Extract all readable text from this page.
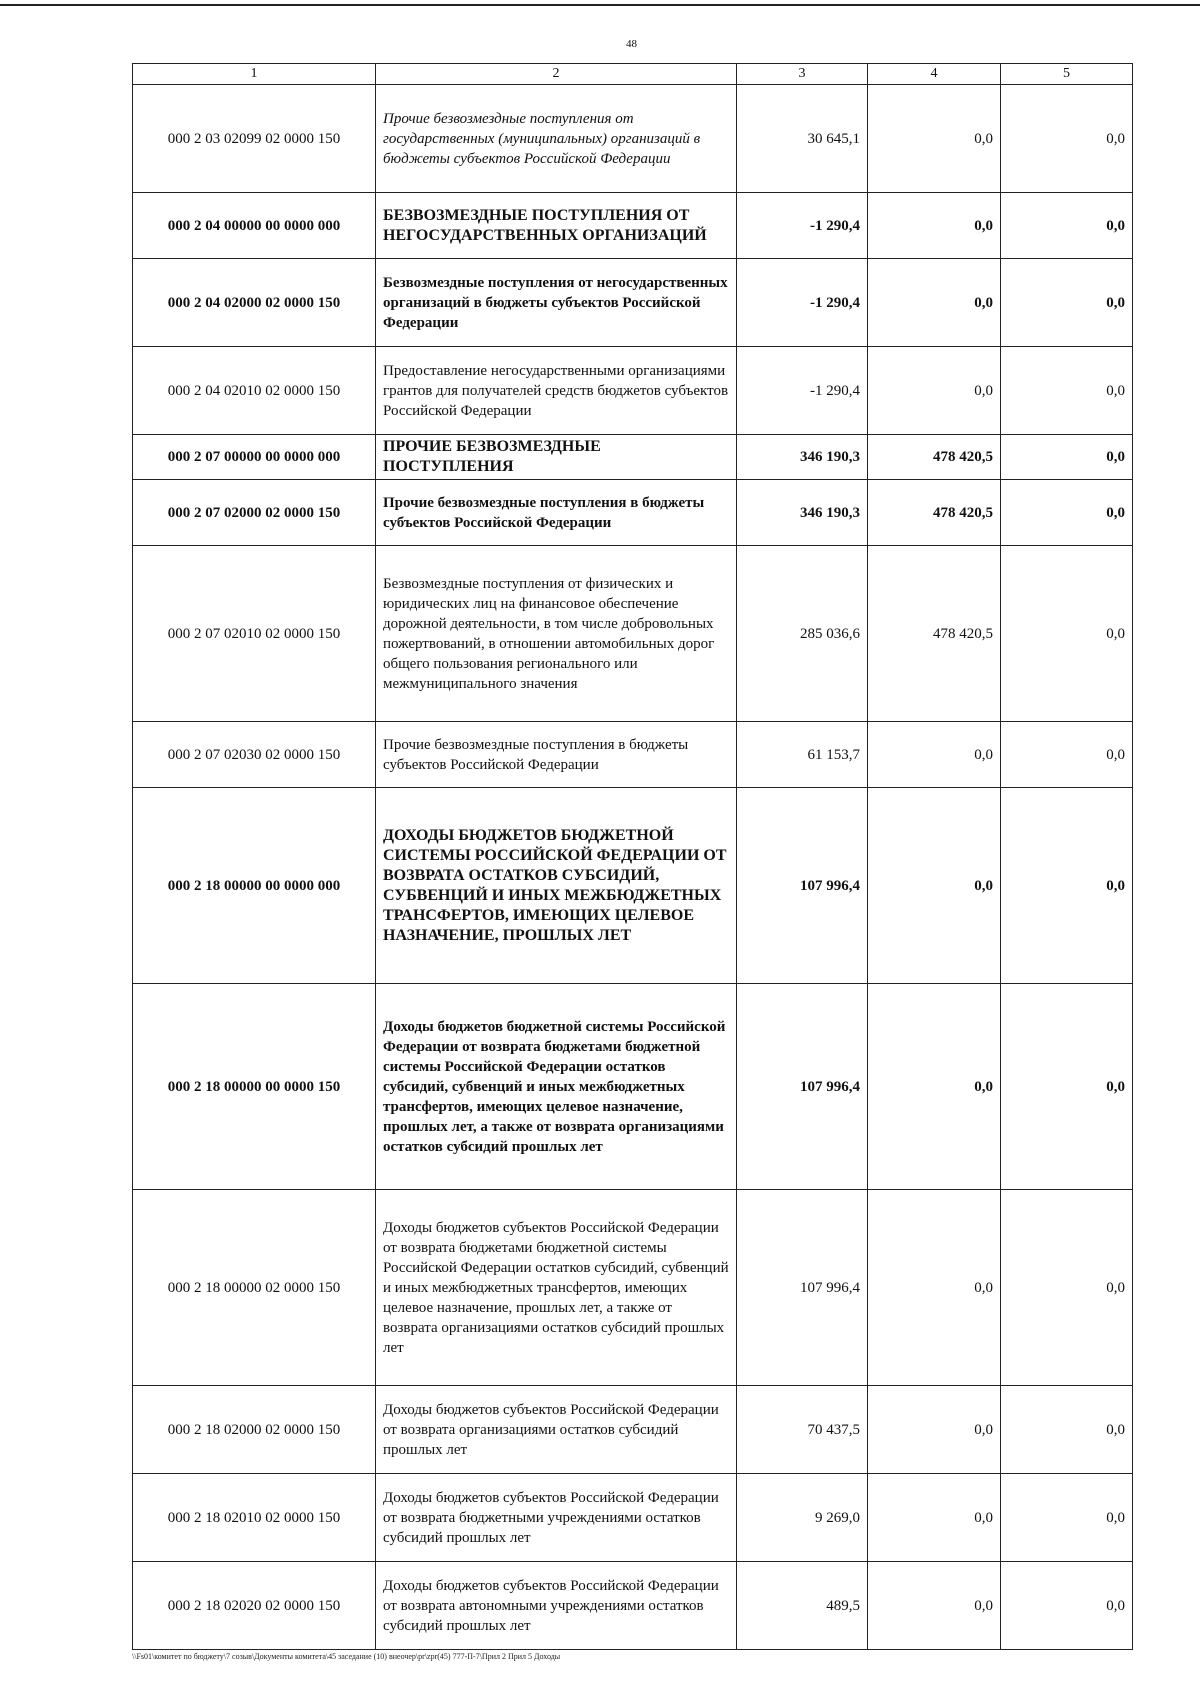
48
1	2	3	4	5
000 2 03 02099 02 0000 150	Прочие безвозмездные поступления от государственных (муниципальных) организаций в бюджеты субъектов Российской Федерации	30 645,1	0,0	0,0
000 2 04 00000 00 0000 000	БЕЗВОЗМЕЗДНЫЕ ПОСТУПЛЕНИЯ ОТ НЕГОСУДАРСТВЕННЫХ ОРГАНИЗАЦИЙ	-1 290,4	0,0	0,0
000 2 04 02000 02 0000 150	Безвозмездные поступления от негосударственных организаций в бюджеты субъектов Российской Федерации	-1 290,4	0,0	0,0
000 2 04 02010 02 0000 150	Предоставление негосударственными организациями грантов для получателей средств бюджетов субъектов Российской Федерации	-1 290,4	0,0	0,0
000 2 07 00000 00 0000 000	ПРОЧИЕ БЕЗВОЗМЕЗДНЫЕ ПОСТУПЛЕНИЯ	346 190,3	478 420,5	0,0
000 2 07 02000 02 0000 150	Прочие безвозмездные поступления в бюджеты субъектов Российской Федерации	346 190,3	478 420,5	0,0
000 2 07 02010 02 0000 150	Безвозмездные поступления от физических и юридических лиц на финансовое обеспечение дорожной деятельности, в том числе добровольных пожертвований, в отношении автомобильных дорог общего пользования регионального или межмуниципального значения	285 036,6	478 420,5	0,0
000 2 07 02030 02 0000 150	Прочие безвозмездные поступления в бюджеты субъектов Российской Федерации	61 153,7	0,0	0,0
000 2 18 00000 00 0000 000	ДОХОДЫ БЮДЖЕТОВ БЮДЖЕТНОЙ СИСТЕМЫ РОССИЙСКОЙ ФЕДЕРАЦИИ ОТ ВОЗВРАТА ОСТАТКОВ СУБСИДИЙ, СУБВЕНЦИЙ И ИНЫХ МЕЖБЮДЖЕТНЫХ ТРАНСФЕРТОВ, ИМЕЮЩИХ ЦЕЛЕВОЕ НАЗНАЧЕНИЕ, ПРОШЛЫХ ЛЕТ	107 996,4	0,0	0,0
000 2 18 00000 00 0000 150	Доходы бюджетов бюджетной системы Российской Федерации от возврата бюджетами бюджетной системы Российской Федерации остатков субсидий, субвенций и иных межбюджетных трансфертов, имеющих целевое назначение, прошлых лет, а также от возврата организациями остатков субсидий прошлых лет	107 996,4	0,0	0,0
000 2 18 00000 02 0000 150	Доходы бюджетов субъектов Российской Федерации от возврата бюджетами бюджетной системы Российской Федерации остатков субсидий, субвенций и иных межбюджетных трансфертов, имеющих целевое назначение, прошлых лет, а также от возврата организациями остатков субсидий прошлых лет	107 996,4	0,0	0,0
000 2 18 02000 02 0000 150	Доходы бюджетов субъектов Российской Федерации от возврата организациями остатков субсидий прошлых лет	70 437,5	0,0	0,0
000 2 18 02010 02 0000 150	Доходы бюджетов субъектов Российской Федерации от возврата бюджетными учреждениями остатков субсидий прошлых лет	9 269,0	0,0	0,0
000 2 18 02020 02 0000 150	Доходы бюджетов субъектов Российской Федерации от возврата автономными учреждениями остатков субсидий прошлых лет	489,5	0,0	0,0
\\Fs01\комитет по бюджету\7 созыв\Документы комитета\45 заседание (10) внеочер\pr\zpr(45) 777-П-7\Прил 2 Прил 5 Доходы
